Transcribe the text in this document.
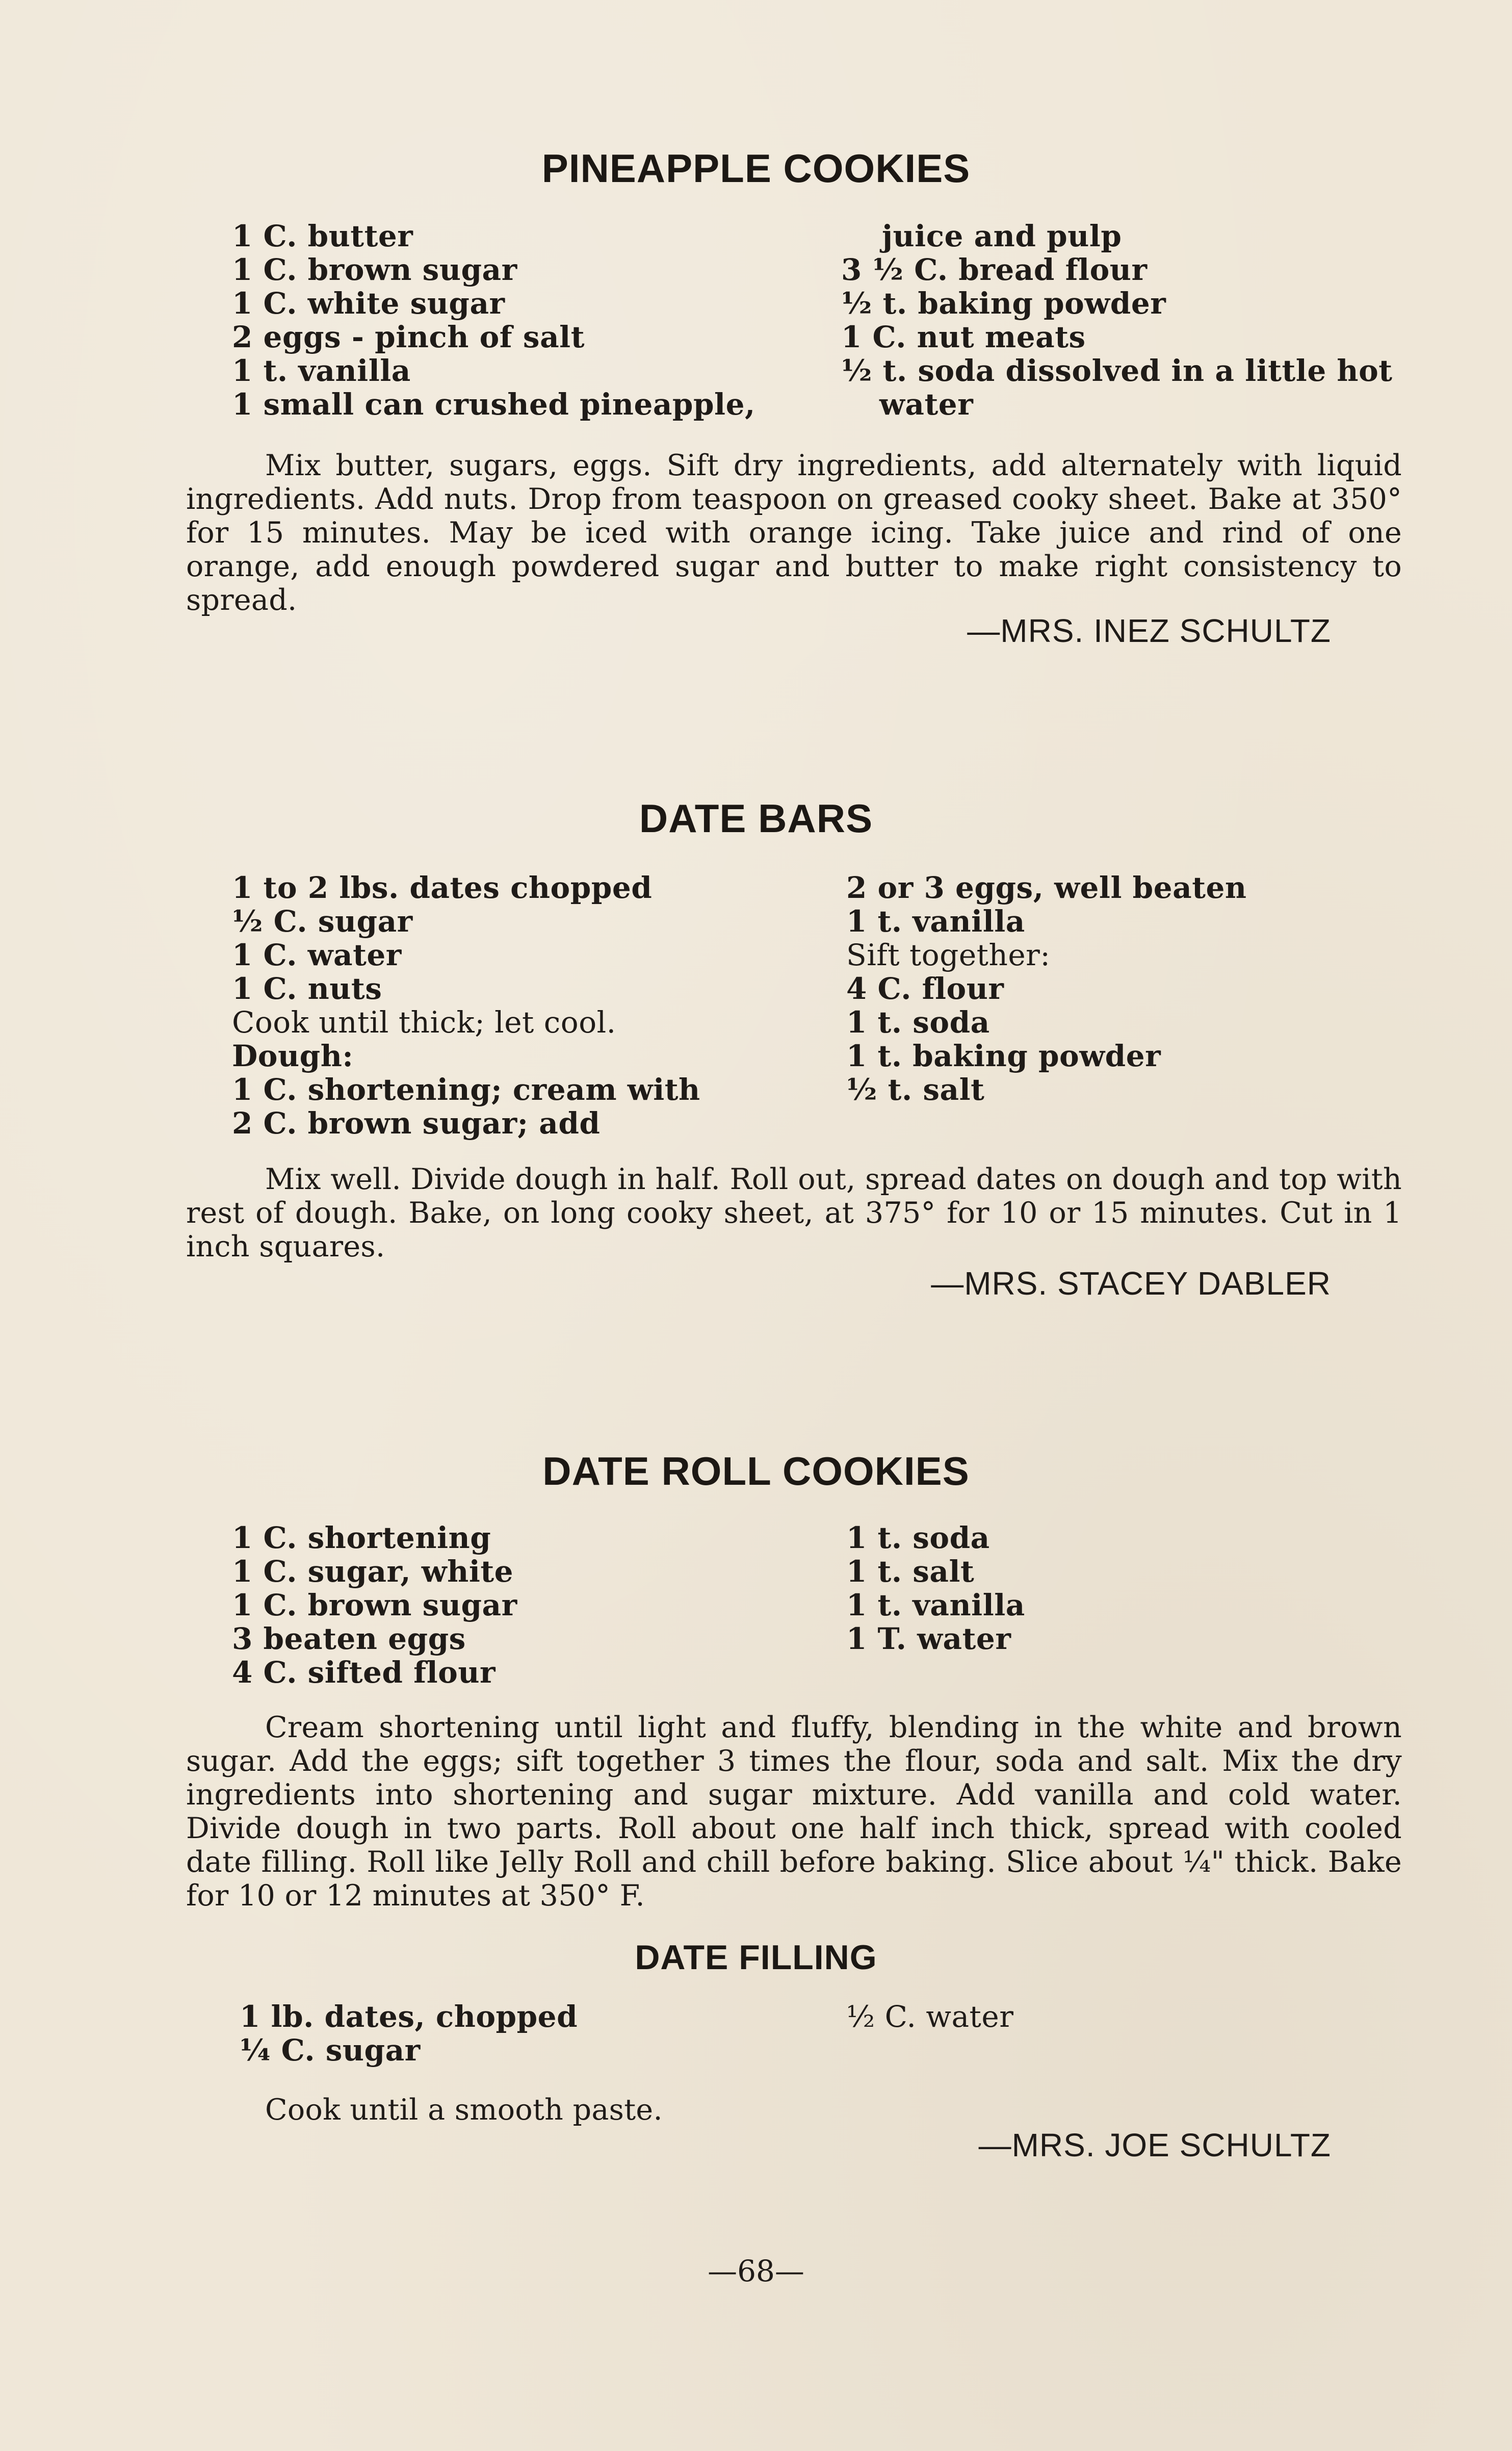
PINEAPPLE COOKIES
1 C. butter
1 C. brown sugar
1 C. white sugar
2 eggs - pinch of salt
1 t. vanilla
1 small can crushed pineapple,
juice and pulp
3 ½ C. bread flour
½ t. baking powder
1 C. nut meats
½ t. soda dissolved in a little hot
water

Mix butter, sugars, eggs. Sift dry ingredients, add alternately with liquid ingredients. Add nuts. Drop from teaspoon on greased cooky sheet. Bake at 350° for 15 minutes. May be iced with orange icing. Take juice and rind of one orange, add enough powdered sugar and butter to make right consistency to spread.

—MRS. INEZ SCHULTZ
DATE BARS
1 to 2 lbs. dates chopped
½ C. sugar
1 C. water
1 C. nuts
Cook until thick; let cool.
Dough:
1 C. shortening; cream with
2 C. brown sugar; add
2 or 3 eggs, well beaten
1 t. vanilla
Sift together:
4 C. flour
1 t. soda
1 t. baking powder
½ t. salt

Mix well. Divide dough in half. Roll out, spread dates on dough and top with rest of dough. Bake, on long cooky sheet, at 375° for 10 or 15 minutes. Cut in 1 inch squares.

—MRS. STACEY DABLER
DATE ROLL COOKIES
1 C. shortening
1 C. sugar, white
1 C. brown sugar
3 beaten eggs
4 C. sifted flour
1 t. soda
1 t. salt
1 t. vanilla
1 T. water

Cream shortening until light and fluffy, blending in the white and brown sugar. Add the eggs; sift together 3 times the flour, soda and salt. Mix the dry ingredients into shortening and sugar mixture. Add vanilla and cold water. Divide dough in two parts. Roll about one half inch thick, spread with cooled date filling. Roll like Jelly Roll and chill before baking. Slice about ¼" thick. Bake for 10 or 12 minutes at 350° F.

DATE FILLING
1 lb. dates, chopped
¼ C. sugar
½ C. water

Cook until a smooth paste.

—MRS. JOE SCHULTZ
—68—
